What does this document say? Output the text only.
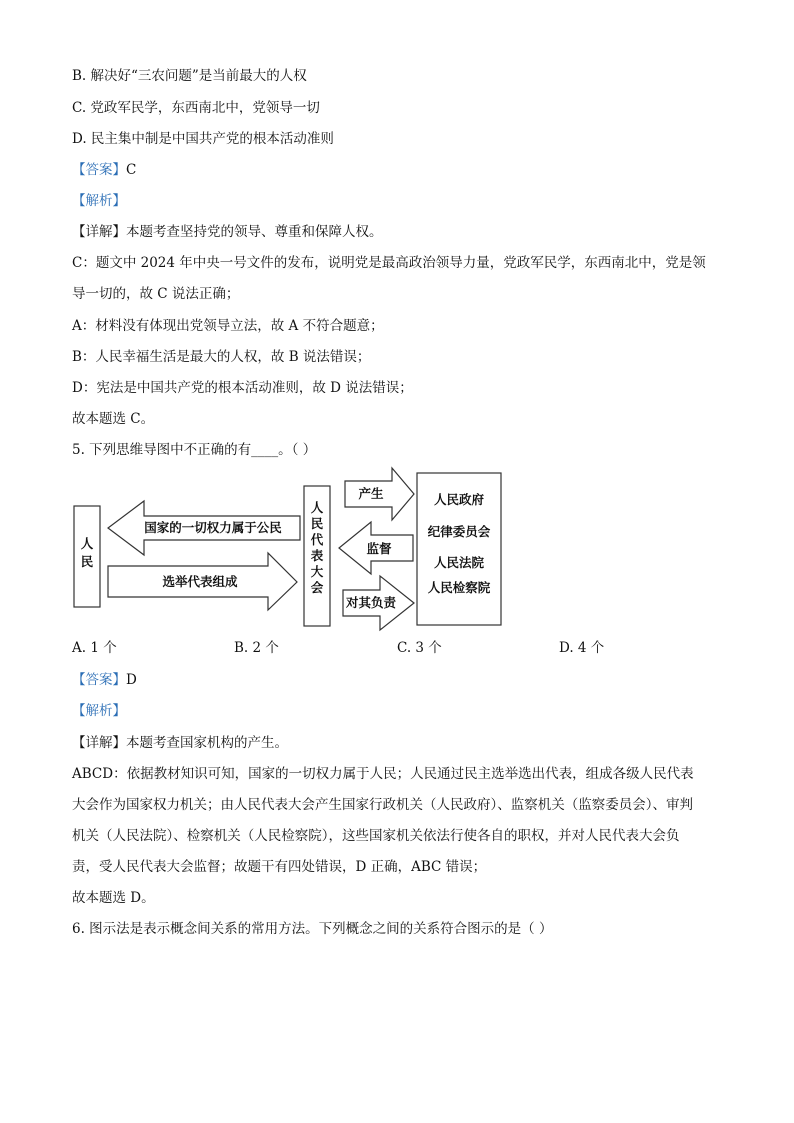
B. 解决好“三农问题”是当前最大的人权
C. 党政军民学，东西南北中，党领导一切
D. 民主集中制是中国共产党的根本活动准则
【答案】C
【解析】
【详解】本题考查坚持党的领导、尊重和保障人权。
C：题文中 2024 年中央一号文件的发布，说明党是最高政治领导力量，党政军民学，东西南北中，党是领
导一切的，故 C 说法正确；
A：材料没有体现出党领导立法，故 A 不符合题意；
B：人民幸福生活是最大的人权，故 B 说法错误；
D：宪法是中国共产党的根本活动准则，故 D 说法错误；
故本题选 C。
5. 下列思维导图中不正确的有____。（ ）
人
民
国家的一切权力属于公民
选举代表组成
人
民
代
表
大
会
产生
监督
对其负责
人民政府
纪律委员会
人民法院
人民检察院
A. 1 个	B. 2 个	C. 3 个	D. 4 个
【答案】D
【解析】
【详解】本题考查国家机构的产生。
ABCD：依据教材知识可知，国家的一切权力属于人民；人民通过民主选举选出代表，组成各级人民代表
大会作为国家权力机关；由人民代表大会产生国家行政机关（人民政府）、监察机关（监察委员会）、审判
机关（人民法院）、检察机关（人民检察院），这些国家机关依法行使各自的职权，并对人民代表大会负
责，受人民代表大会监督；故题干有四处错误，D 正确，ABC 错误；
故本题选 D。
6. 图示法是表示概念间关系的常用方法。下列概念之间的关系符合图示的是（ ）
